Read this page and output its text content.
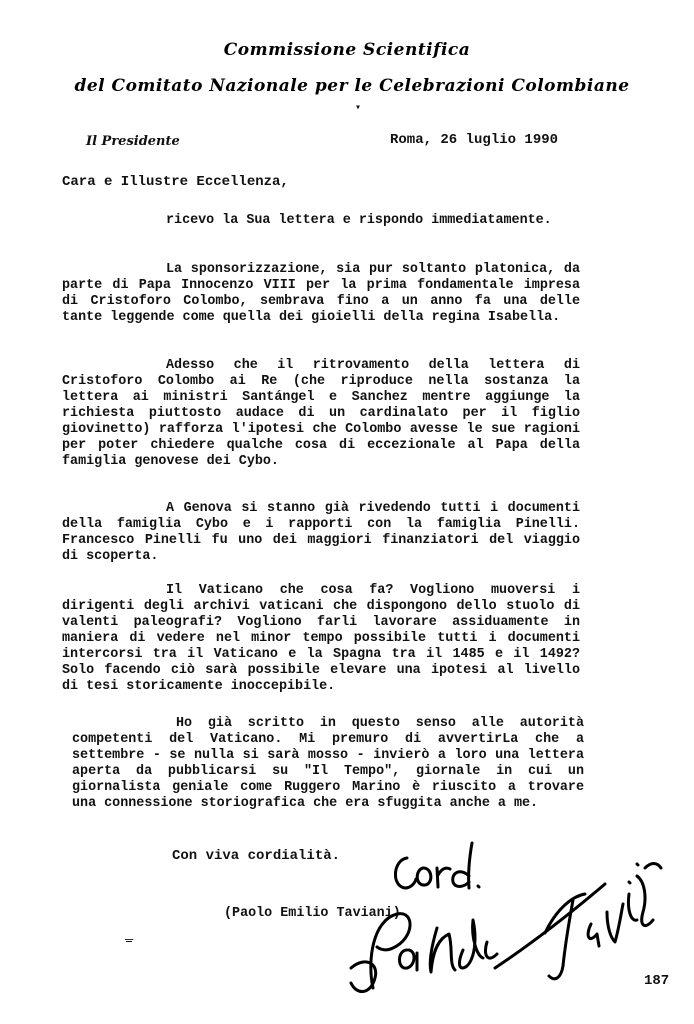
Commissione Scientifica
del Comitato Nazionale per le Celebrazioni Colombiane
▾
Il Presidente	Roma, 26 luglio 1990
Cara e Illustre Eccellenza,

ricevo la Sua lettera e rispondo immediatamente.

La sponsorizzazione, sia pur soltanto platonica, da parte di Papa Innocenzo VIII per la prima fondamentale impresa di Cristoforo Colombo, sembrava fino a un anno fa una delle tante leggende come quella dei gioielli della regina Isabella.

Adesso che il ritrovamento della lettera di Cristoforo Colombo ai Re (che riproduce nella sostanza la lettera ai ministri Santángel e Sanchez mentre aggiunge la richiesta piuttosto audace di un cardinalato per il figlio giovinetto) rafforza l'ipotesi che Colombo avesse le sue ragioni per poter chiedere qualche cosa di eccezionale al Papa della famiglia genovese dei Cybo.

A Genova si stanno già rivedendo tutti i documenti della famiglia Cybo e i rapporti con la famiglia Pinelli. Francesco Pinelli fu uno dei maggiori finanziatori del viaggio di scoperta.

Il Vaticano che cosa fa? Vogliono muoversi i dirigenti degli archivi vaticani che dispongono dello stuolo di valenti paleografi? Vogliono farli lavorare assiduamente in maniera di vedere nel minor tempo possibile tutti i documenti intercorsi tra il Vaticano e la Spagna tra il 1485 e il 1492? Solo facendo ciò sarà possibile elevare una ipotesi al livello di tesi storicamente inoccepibile.

Ho già scritto in questo senso alle autorità competenti del Vaticano. Mi premuro di avvertirLa che a settembre - se nulla si sarà mosso - invierò a loro una lettera aperta da pubblicarsi su "Il Tempo", giornale in cui un giornalista geniale come Ruggero Marino è riuscito a trovare una connessione storiografica che era sfuggita anche a me.

Con viva cordialità.
(Paolo Emilio Taviani)
ᚚ
187
